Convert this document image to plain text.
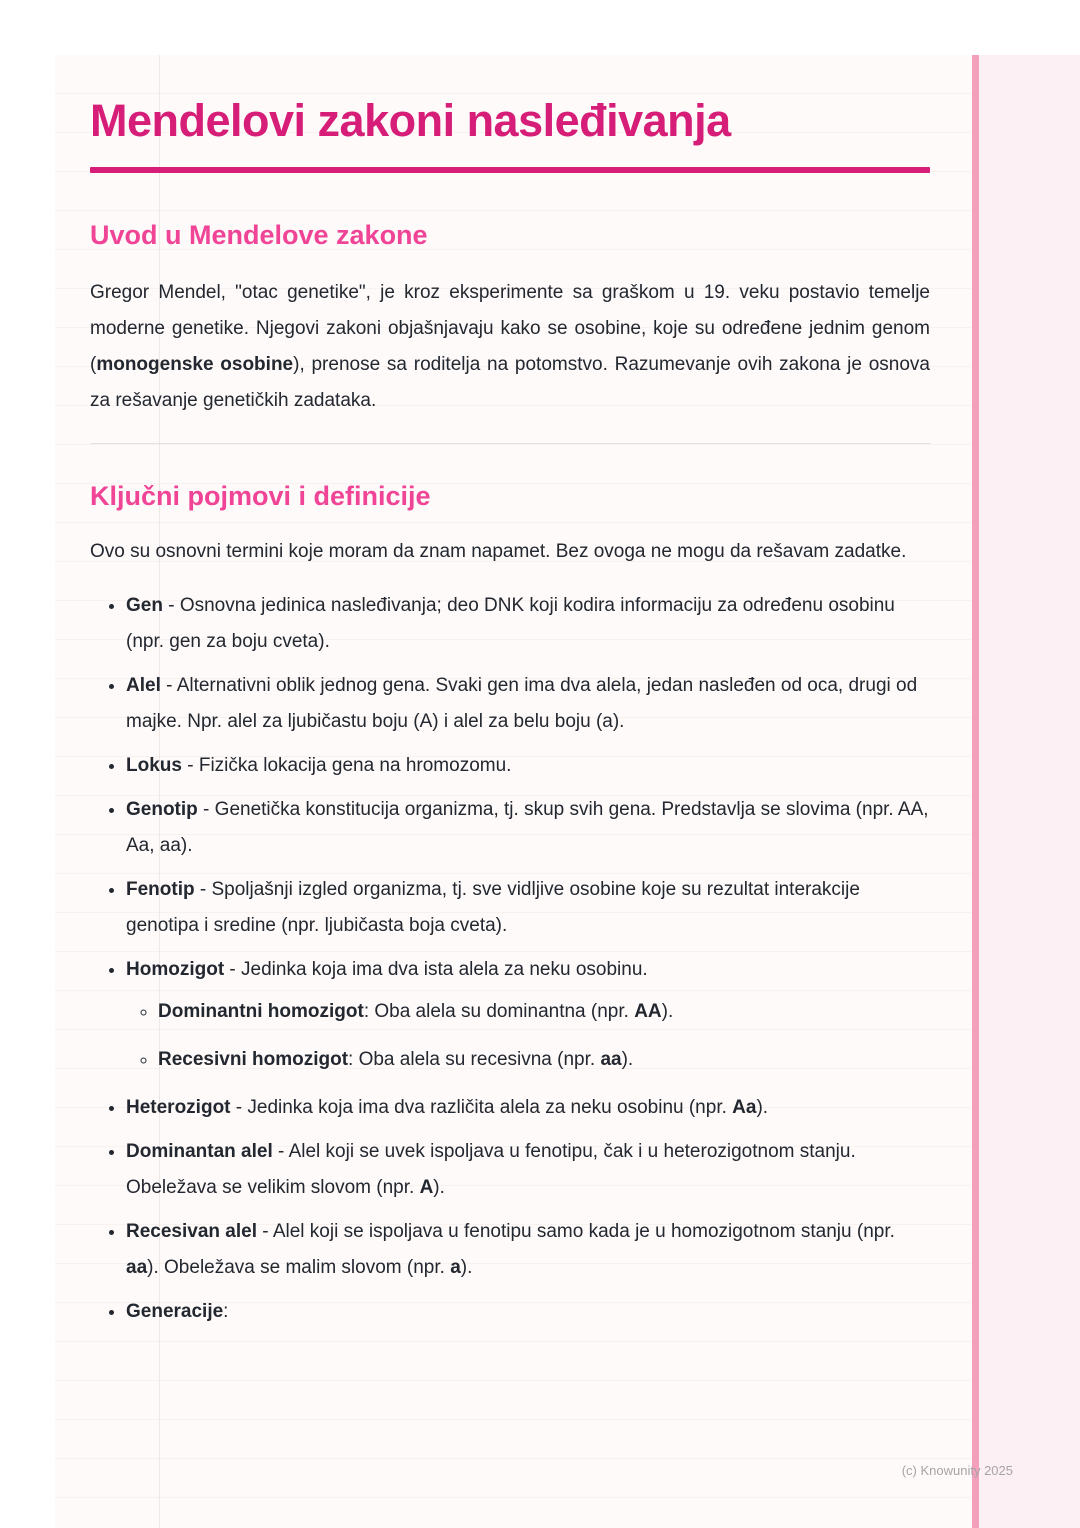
Mendelovi zakoni nasleđivanja
Uvod u Mendelove zakone

Gregor Mendel, "otac genetike", je kroz eksperimente sa graškom u 19. veku postavio temelje moderne genetike. Njegovi zakoni objašnjavaju kako se osobine, koje su određene jednim genom (monogenske osobine), prenose sa roditelja na potomstvo. Razumevanje ovih zakona je osnova za rešavanje genetičkih zadataka.

Ključni pojmovi i definicije

Ovo su osnovni termini koje moram da znam napamet. Bez ovoga ne mogu da rešavam zadatke.

• Gen - Osnovna jedinica nasleđivanja; deo DNK koji kodira informaciju za određenu osobinu (npr. gen za boju cveta).
• Alel - Alternativni oblik jednog gena. Svaki gen ima dva alela, jedan nasleđen od oca, drugi od majke. Npr. alel za ljubičastu boju (A) i alel za belu boju (a).
• Lokus - Fizička lokacija gena na hromozomu.
• Genotip - Genetička konstitucija organizma, tj. skup svih gena. Predstavlja se slovima (npr. AA, Aa, aa).
• Fenotip - Spoljašnji izgled organizma, tj. sve vidljive osobine koje su rezultat interakcije genotipa i sredine (npr. ljubičasta boja cveta).
• Homozigot - Jedinka koja ima dva ista alela za neku osobinu.
◦ Dominantni homozigot: Oba alela su dominantna (npr. AA).
◦ Recesivni homozigot: Oba alela su recesivna (npr. aa).
• Heterozigot - Jedinka koja ima dva različita alela za neku osobinu (npr. Aa).
• Dominantan alel - Alel koji se uvek ispoljava u fenotipu, čak i u heterozigotnom stanju. Obeležava se velikim slovom (npr. A).
• Recesivan alel - Alel koji se ispoljava u fenotipu samo kada je u homozigotnom stanju (npr. aa). Obeležava se malim slovom (npr. a).
• Generacije:
(c) Knowunity 2025
